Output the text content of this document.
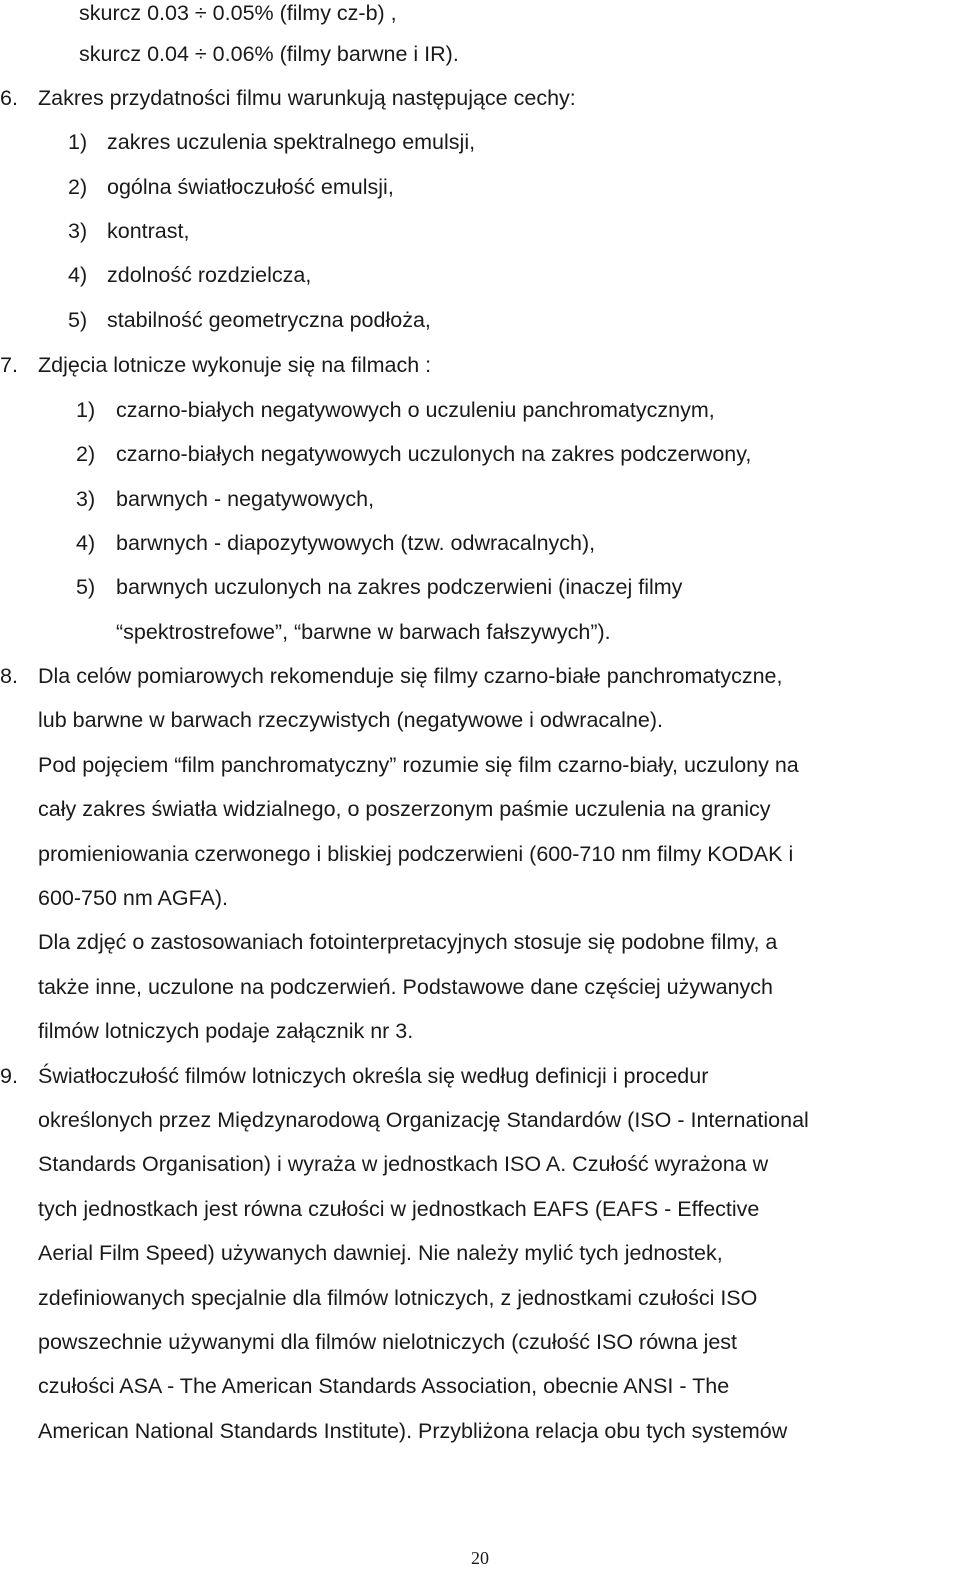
skurcz 0.03 ÷ 0.05% (filmy cz-b) ,
skurcz 0.04 ÷ 0.06% (filmy barwne i IR).
6. Zakres przydatności filmu warunkują następujące cechy:
1) zakres uczulenia spektralnego emulsji,
2) ogólna światłoczułość emulsji,
3) kontrast,
4) zdolność rozdzielcza,
5) stabilność geometryczna podłoża,
7. Zdjęcia lotnicze wykonuje się na filmach :
1) czarno-białych negatywowych o uczuleniu panchromatycznym,
2) czarno-białych negatywowych uczulonych na zakres podczerwony,
3) barwnych - negatywowych,
4) barwnych - diapozytywowych (tzw. odwracalnych),
5) barwnych uczulonych na zakres podczerwieni (inaczej filmy
“spektrostrefowe”, “barwne w barwach fałszywych”).
8. Dla celów pomiarowych rekomenduje się filmy czarno-białe panchromatyczne,
lub barwne w barwach rzeczywistych (negatywowe i odwracalne).
Pod pojęciem “film panchromatyczny” rozumie się film czarno-biały, uczulony na
cały zakres światła widzialnego, o poszerzonym paśmie uczulenia na granicy
promieniowania czerwonego i bliskiej podczerwieni (600-710 nm filmy KODAK i
600-750 nm AGFA).
Dla zdjęć o zastosowaniach fotointerpretacyjnych stosuje się podobne filmy, a
także inne, uczulone na podczerwień. Podstawowe dane częściej używanych
filmów lotniczych podaje załącznik nr 3.
9. Światłoczułość filmów lotniczych określa się według definicji i procedur
określonych przez Międzynarodową Organizację Standardów (ISO - International
Standards Organisation) i wyraża w jednostkach ISO A. Czułość wyrażona w
tych jednostkach jest równa czułości w jednostkach EAFS (EAFS - Effective
Aerial Film Speed) używanych dawniej. Nie należy mylić tych jednostek,
zdefiniowanych specjalnie dla filmów lotniczych, z jednostkami czułości ISO
powszechnie używanymi dla filmów nielotniczych (czułość ISO równa jest
czułości ASA - The American Standards Association, obecnie ANSI - The
American National Standards Institute). Przybliżona relacja obu tych systemów
20
